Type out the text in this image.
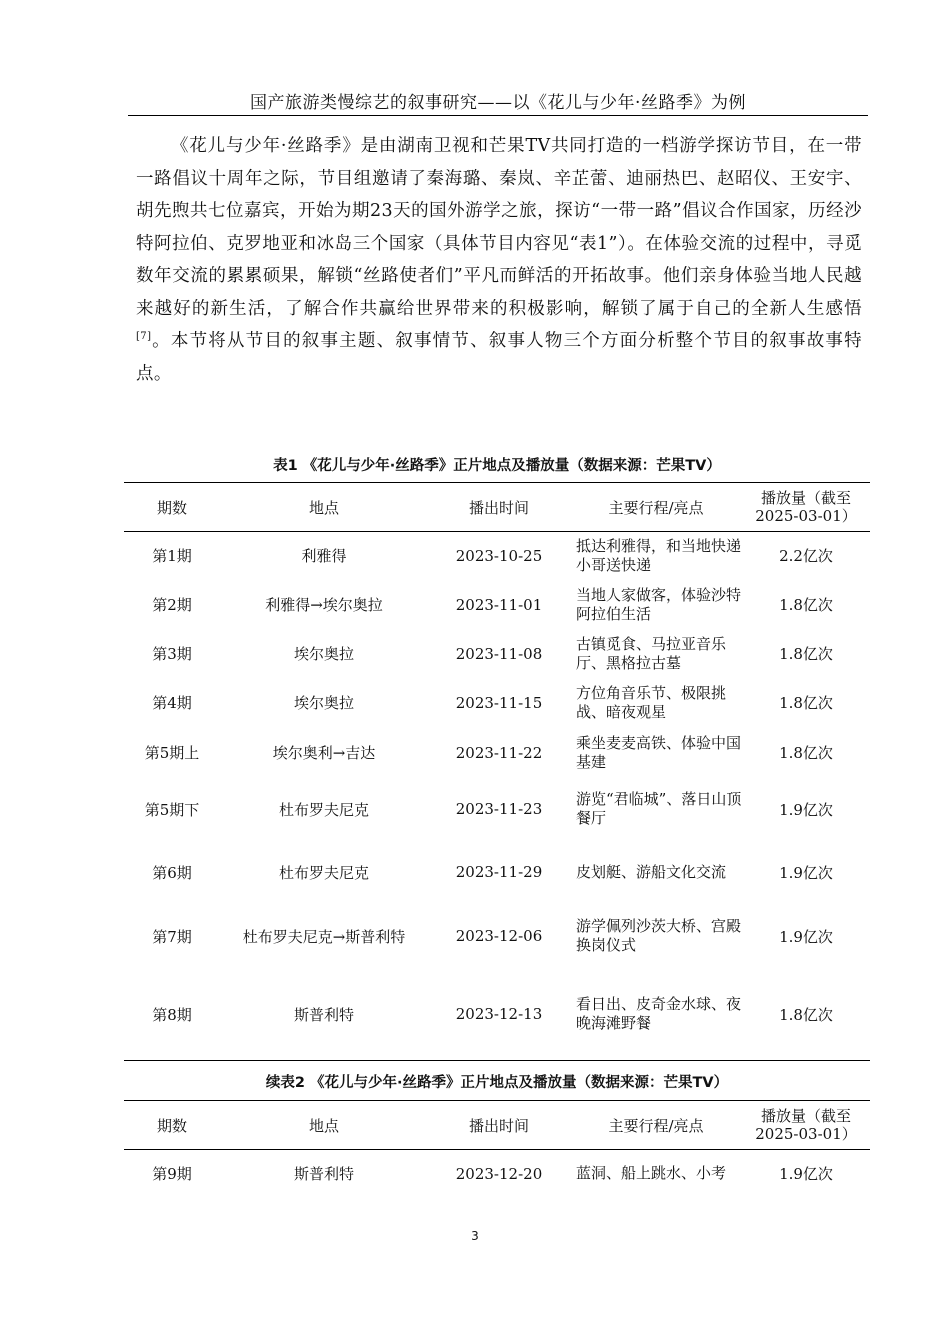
国产旅游类慢综艺的叙事研究——以《花儿与少年·丝路季》为例

《花儿与少年·丝路季》是由湖南卫视和芒果TV共同打造的一档游学探访节目，在一带一路倡议十周年之际，节目组邀请了秦海璐、秦岚、辛芷蕾、迪丽热巴、赵昭仪、王安宇、胡先煦共七位嘉宾，开始为期23天的国外游学之旅，探访“一带一路”倡议合作国家，历经沙特阿拉伯、克罗地亚和冰岛三个国家（具体节目内容见“表1”）。在体验交流的过程中，寻觅数年交流的累累硕果，解锁“丝路使者们”平凡而鲜活的开拓故事。他们亲身体验当地人民越来越好的新生活，了解合作共赢给世界带来的积极影响，解锁了属于自己的全新人生感悟[7]。本节将从节目的叙事主题、叙事情节、叙事人物三个方面分析整个节目的叙事故事特点。

表1 《花儿与少年·丝路季》正片地点及播放量（数据来源：芒果TV）
期数	地点	播出时间	主要行程/亮点	播放量（截至
2025-03-01）
第1期	利雅得	2023-10-25	抵达利雅得，和当地快递小哥送快递	2.2亿次
第2期	利雅得→埃尔奥拉	2023-11-01	当地人家做客，体验沙特阿拉伯生活	1.8亿次
第3期	埃尔奥拉	2023-11-08	古镇觅食、马拉亚音乐厅、黑格拉古墓	1.8亿次
第4期	埃尔奥拉	2023-11-15	方位角音乐节、极限挑战、暗夜观星	1.8亿次
第5期上	埃尔奥利→吉达	2023-11-22	乘坐麦麦高铁、体验中国基建	1.8亿次
第5期下	杜布罗夫尼克	2023-11-23	游览“君临城”、落日山顶餐厅	1.9亿次
第6期	杜布罗夫尼克	2023-11-29	皮划艇、游船文化交流	1.9亿次
第7期	杜布罗夫尼克→斯普利特	2023-12-06	游学佩列沙茨大桥、宫殿换岗仪式	1.9亿次
第8期	斯普利特	2023-12-13	看日出、皮奇金水球、夜晚海滩野餐	1.8亿次
续表2 《花儿与少年·丝路季》正片地点及播放量（数据来源：芒果TV）
期数	地点	播出时间	主要行程/亮点	播放量（截至
2025-03-01）
第9期	斯普利特	2023-12-20	蓝洞、船上跳水、小考	1.9亿次
3
